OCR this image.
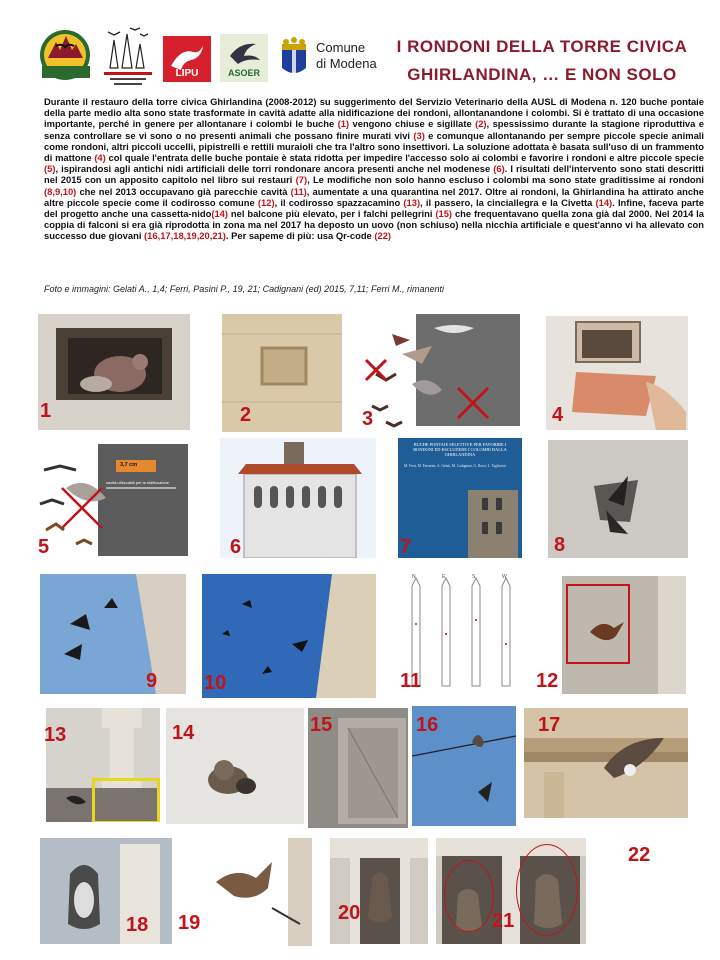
LIPU	ASOER
Comune
di Modena
I RONDONI DELLA TORRE CIVICA
GHIRLANDINA, … E NON SOLO
Durante il restauro della torre civica Ghirlandina (2008-2012) su suggerimento del Servizio Veterinario della AUSL di Modena n. 120 buche pontaie della parte medio alta sono state trasformate in cavità adatte alla nidificazione dei rondoni, allontanandone i colombi. Si è trattato di una occasione importante, perché in genere per allontanare i colombi le buche (1) vengono chiuse e sigillate (2), spessissimo durante la stagione riproduttiva e senza controllare se vi sono o no presenti animali che possano finire murati vivi (3) e comunque allontanando per sempre piccole specie animali come rondoni, altri piccoli uccelli, pipistrelli e rettili muraioli che tra l'altro sono insettivori. La soluzione adottata è basata sull'uso di un frammento di mattone (4) col quale l'entrata delle buche pontaie è stata ridotta per impedire l'accesso solo ai colombi e favorire i rondoni e altre piccole specie (5), ispirandosi agli antichi nidi artificiali delle torri rondonare ancora presenti anche nel modenese (6). I risultati dell'intervento sono stati descritti nel 2015 con un apposito capitolo nel libro sui restauri (7), Le modifiche non solo hanno escluso i colombi ma sono state graditissime ai rondoni (8,9,10) che nel 2013 occupavano già parecchie cavità (11), aumentate a una quarantina nel 2017. Oltre ai rondoni, la Ghirlandina ha attirato anche altre piccole specie come il codirosso comune (12), il codirosso spazzacamino (13), il passero, la cinciallegra e la Civetta (14). Infine, faceva parte del progetto anche una cassetta-nido(14) nel balcone più elevato, per i falchi pellegrini (15) che frequentavano quella zona già dal 2000. Nel 2014 la coppia di falconi si era già riprodotta in zona ma nel 2017 ha deposto un uovo (non schiuso) nella nicchia artificiale e quest'anno vi ha allevato con successo due giovani (16,17,18,19,20,21). Per sapeme di più: usa Qr-code (22)
Foto e immagini: Gelati A., 1,4; Ferri, Pasini P., 19, 21; Cadignani (ed) 2015, 7,11; Ferri M., rimanenti
1	2	3	4
3,7 cm
cavità utilizzabili per la nidificazione
5	6
BUCHE PONTAIE SELETTIVE PER FAVORIRE I RONDONI ED ESCLUDERE I COLOMBI DALLA GHIRLANDINA
M. Ferri, M. Ferrarini, A. Gelati, M. Cadignani, G. Rossi, L. Tagliavini
7	8
9 10
N	E	S	W
11	12
13	14	15	16	17
18 19	20	21
22
